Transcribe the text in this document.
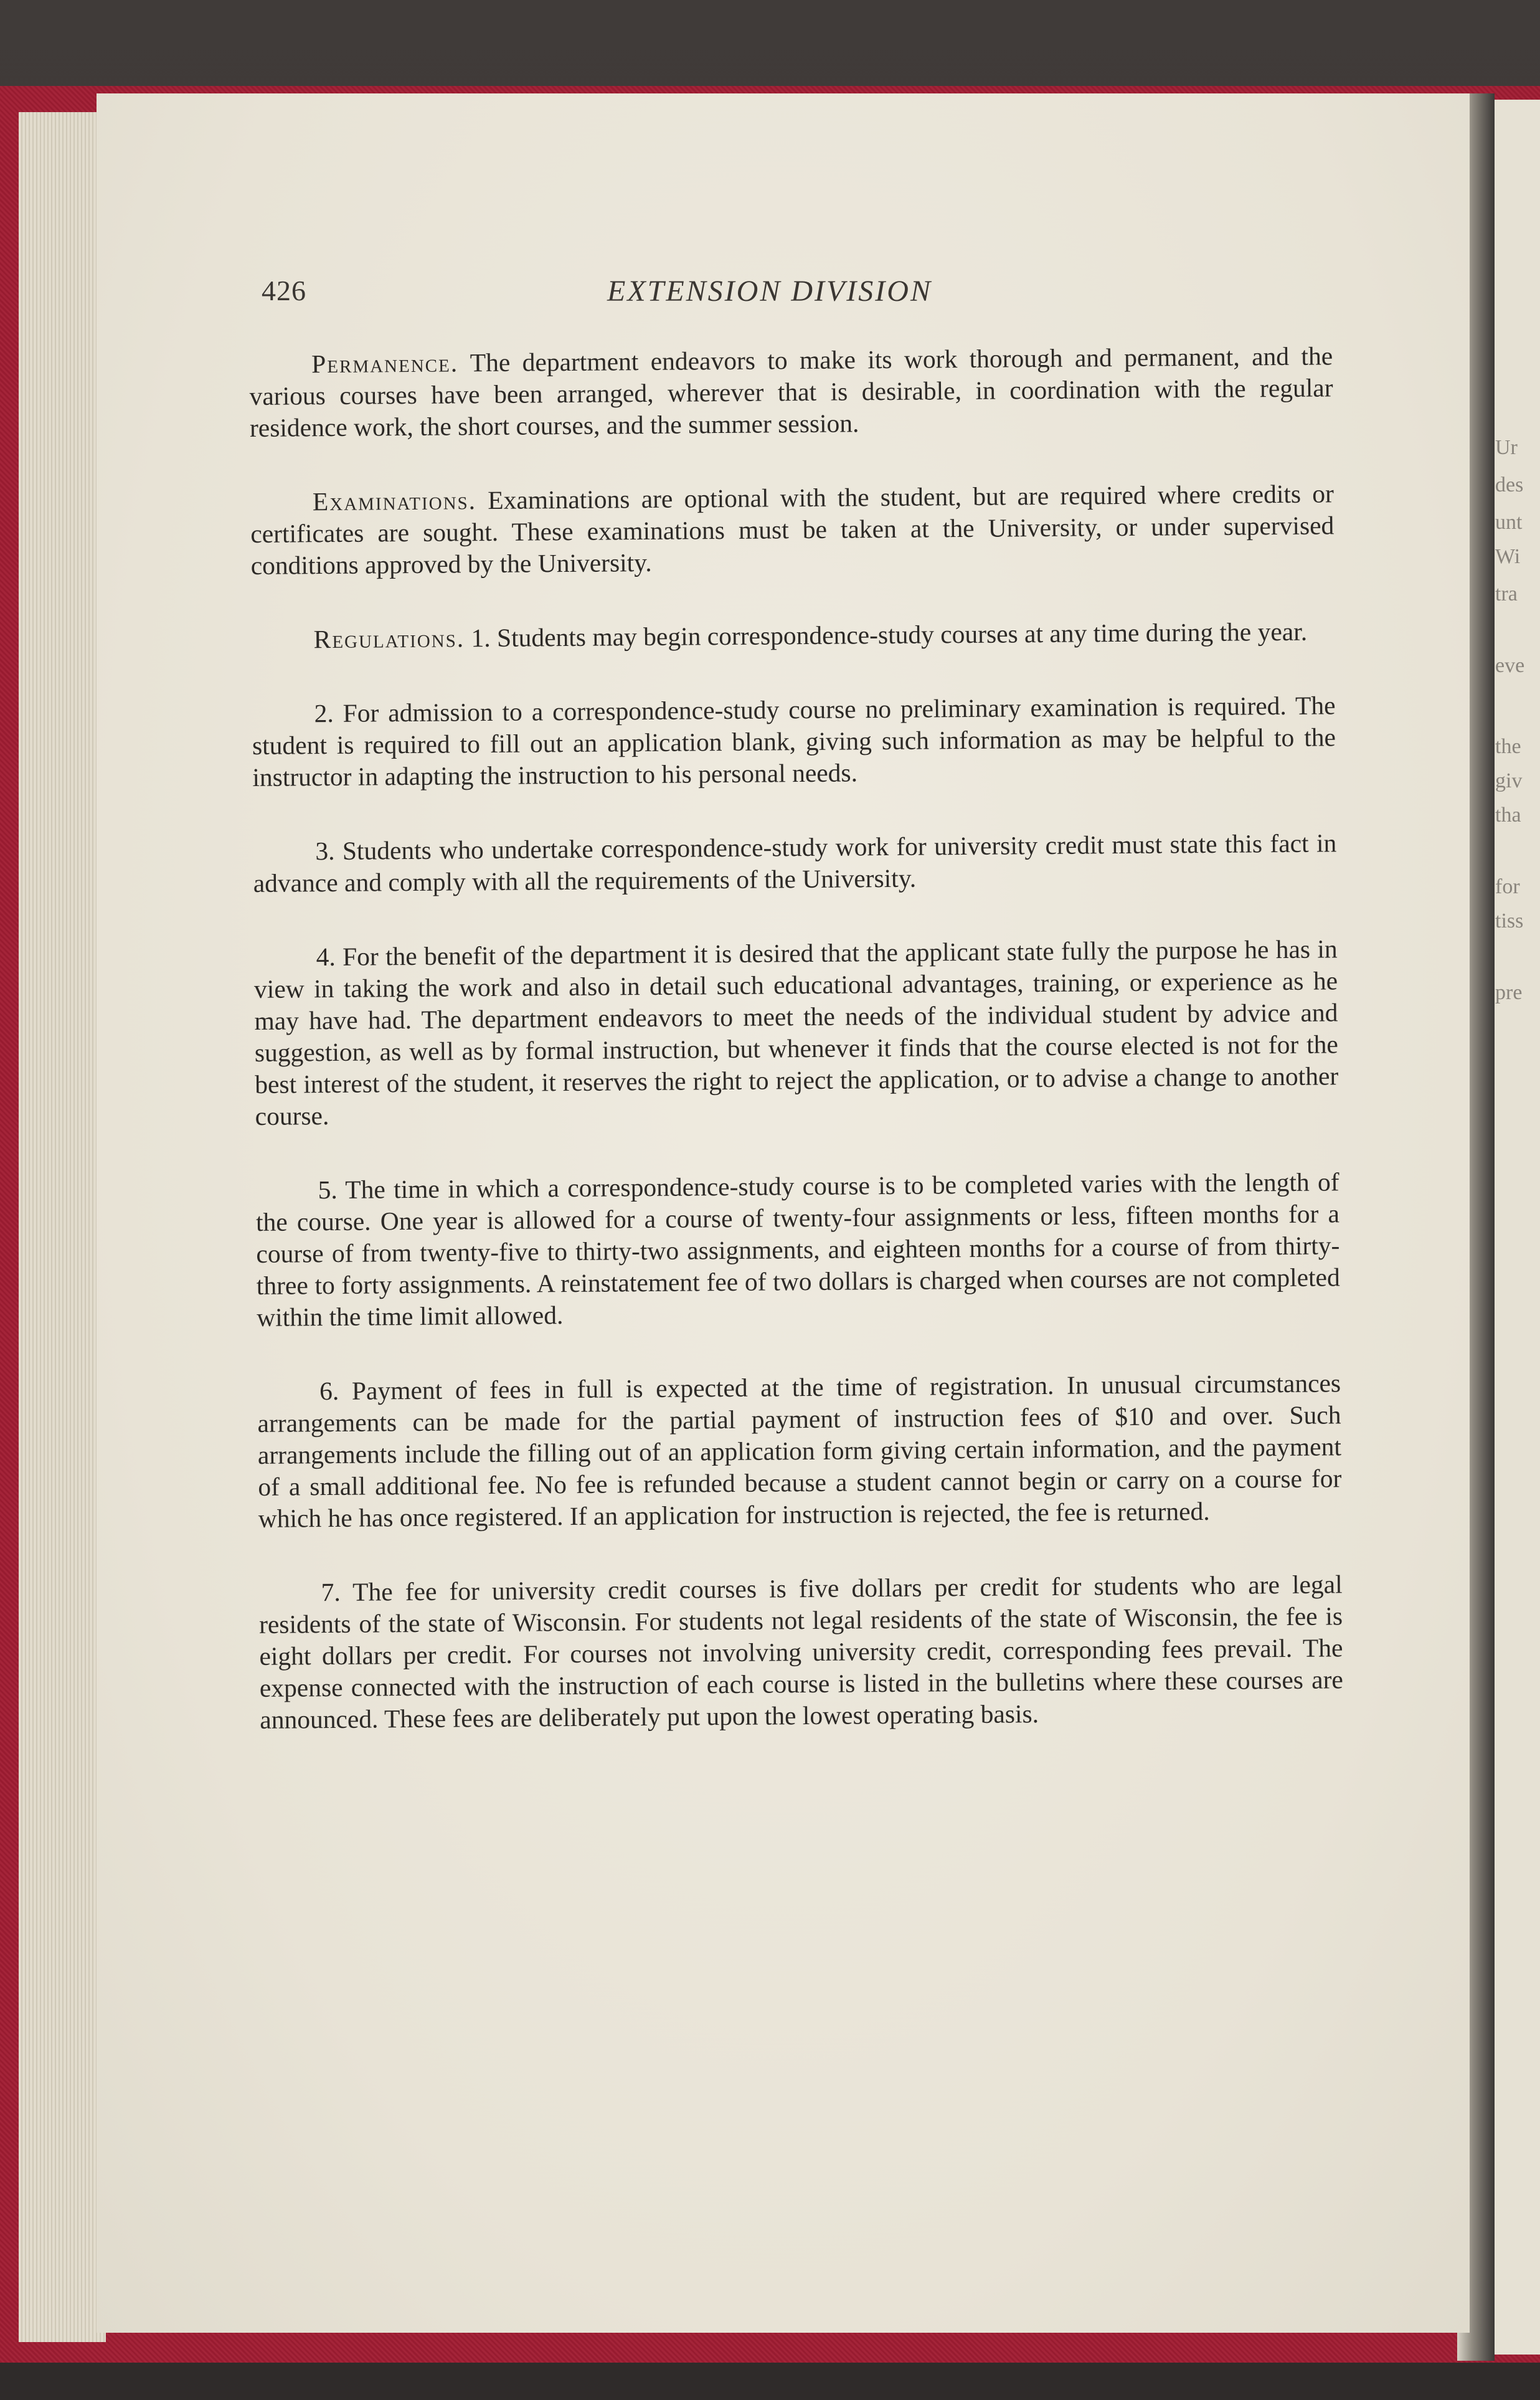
Ur
des
unt
Wi
tra
eve
the
giv
tha
for
tiss
pre
426	EXTENSION DIVISION

Permanence. The department endeavors to make its work thorough and permanent, and the various courses have been arranged, wherever that is desirable, in coordination with the regular residence work, the short courses, and the summer session.

Examinations. Examinations are optional with the student, but are required where credits or certificates are sought. These examinations must be taken at the University, or under supervised conditions approved by the University.

Regulations. 1. Students may begin correspondence-study courses at any time during the year.

2. For admission to a correspondence-study course no preliminary examination is required. The student is required to fill out an application blank, giving such information as may be helpful to the instructor in adapting the instruction to his personal needs.

3. Students who undertake correspondence-study work for university credit must state this fact in advance and comply with all the requirements of the University.

4. For the benefit of the department it is desired that the applicant state fully the purpose he has in view in taking the work and also in detail such educational advantages, training, or experience as he may have had. The department endeavors to meet the needs of the individual student by advice and suggestion, as well as by formal instruction, but whenever it finds that the course elected is not for the best interest of the student, it reserves the right to reject the application, or to advise a change to another course.

5. The time in which a correspondence-study course is to be completed varies with the length of the course. One year is allowed for a course of twenty-four assignments or less, fifteen months for a course of from twenty-five to thirty-two assignments, and eighteen months for a course of from thirty-three to forty assignments. A reinstatement fee of two dollars is charged when courses are not completed within the time limit allowed.

6. Payment of fees in full is expected at the time of registration. In unusual circumstances arrangements can be made for the partial payment of instruction fees of $10 and over. Such arrangements include the filling out of an application form giving certain information, and the payment of a small additional fee. No fee is refunded because a student cannot begin or carry on a course for which he has once registered. If an application for instruction is rejected, the fee is returned.

7. The fee for university credit courses is five dollars per credit for students who are legal residents of the state of Wisconsin. For students not legal residents of the state of Wisconsin, the fee is eight dollars per credit. For courses not involving university credit, corresponding fees prevail. The expense connected with the instruction of each course is listed in the bulletins where these courses are announced. These fees are deliberately put upon the lowest operating basis.
